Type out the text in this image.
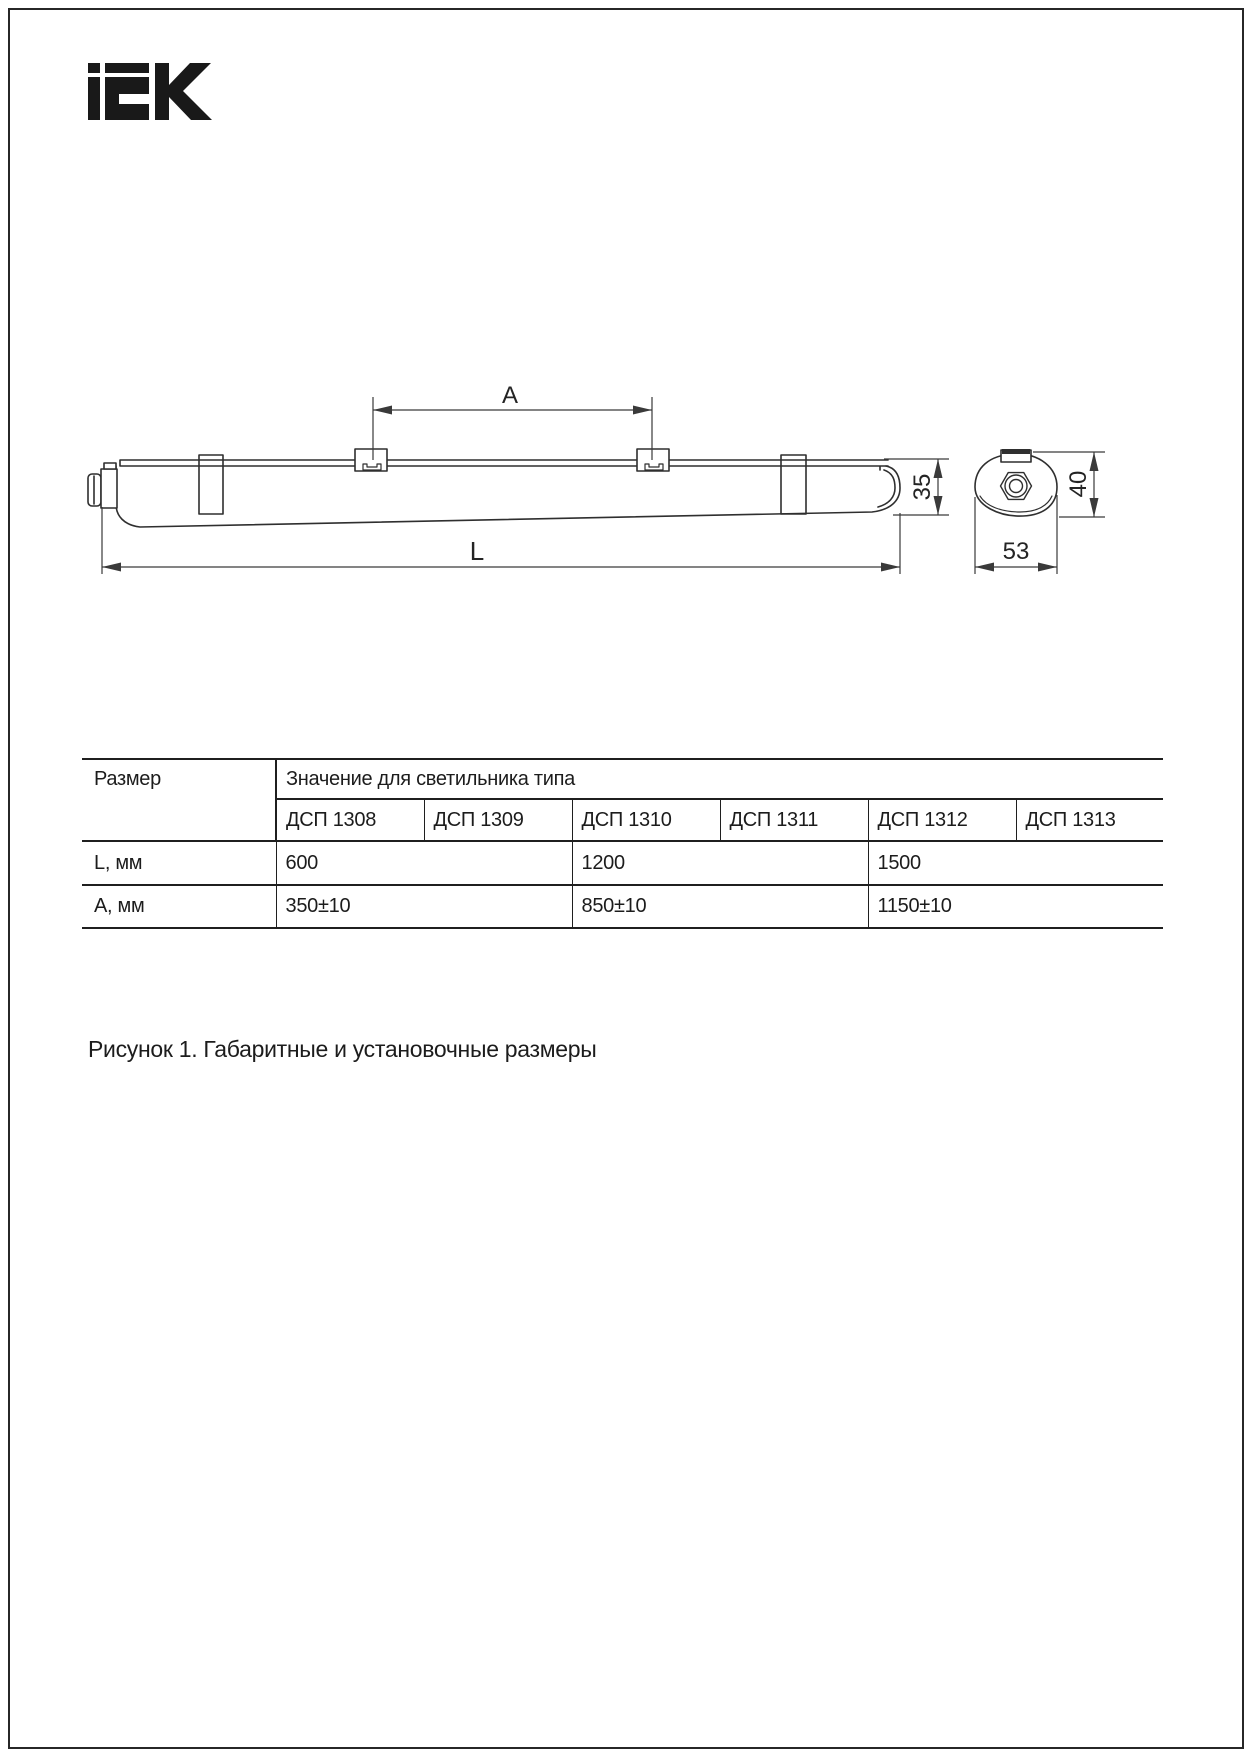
A
L
35	40
53
Размер	Значение для светильника типа					
	ДСП 1308	ДСП 1309	ДСП 1310	ДСП 1311	ДСП 1312	ДСП 1313
L, мм	600		1200		1500	
А, мм	350±10		850±10		1150±10	
Рисунок 1. Габаритные и установочные размеры
